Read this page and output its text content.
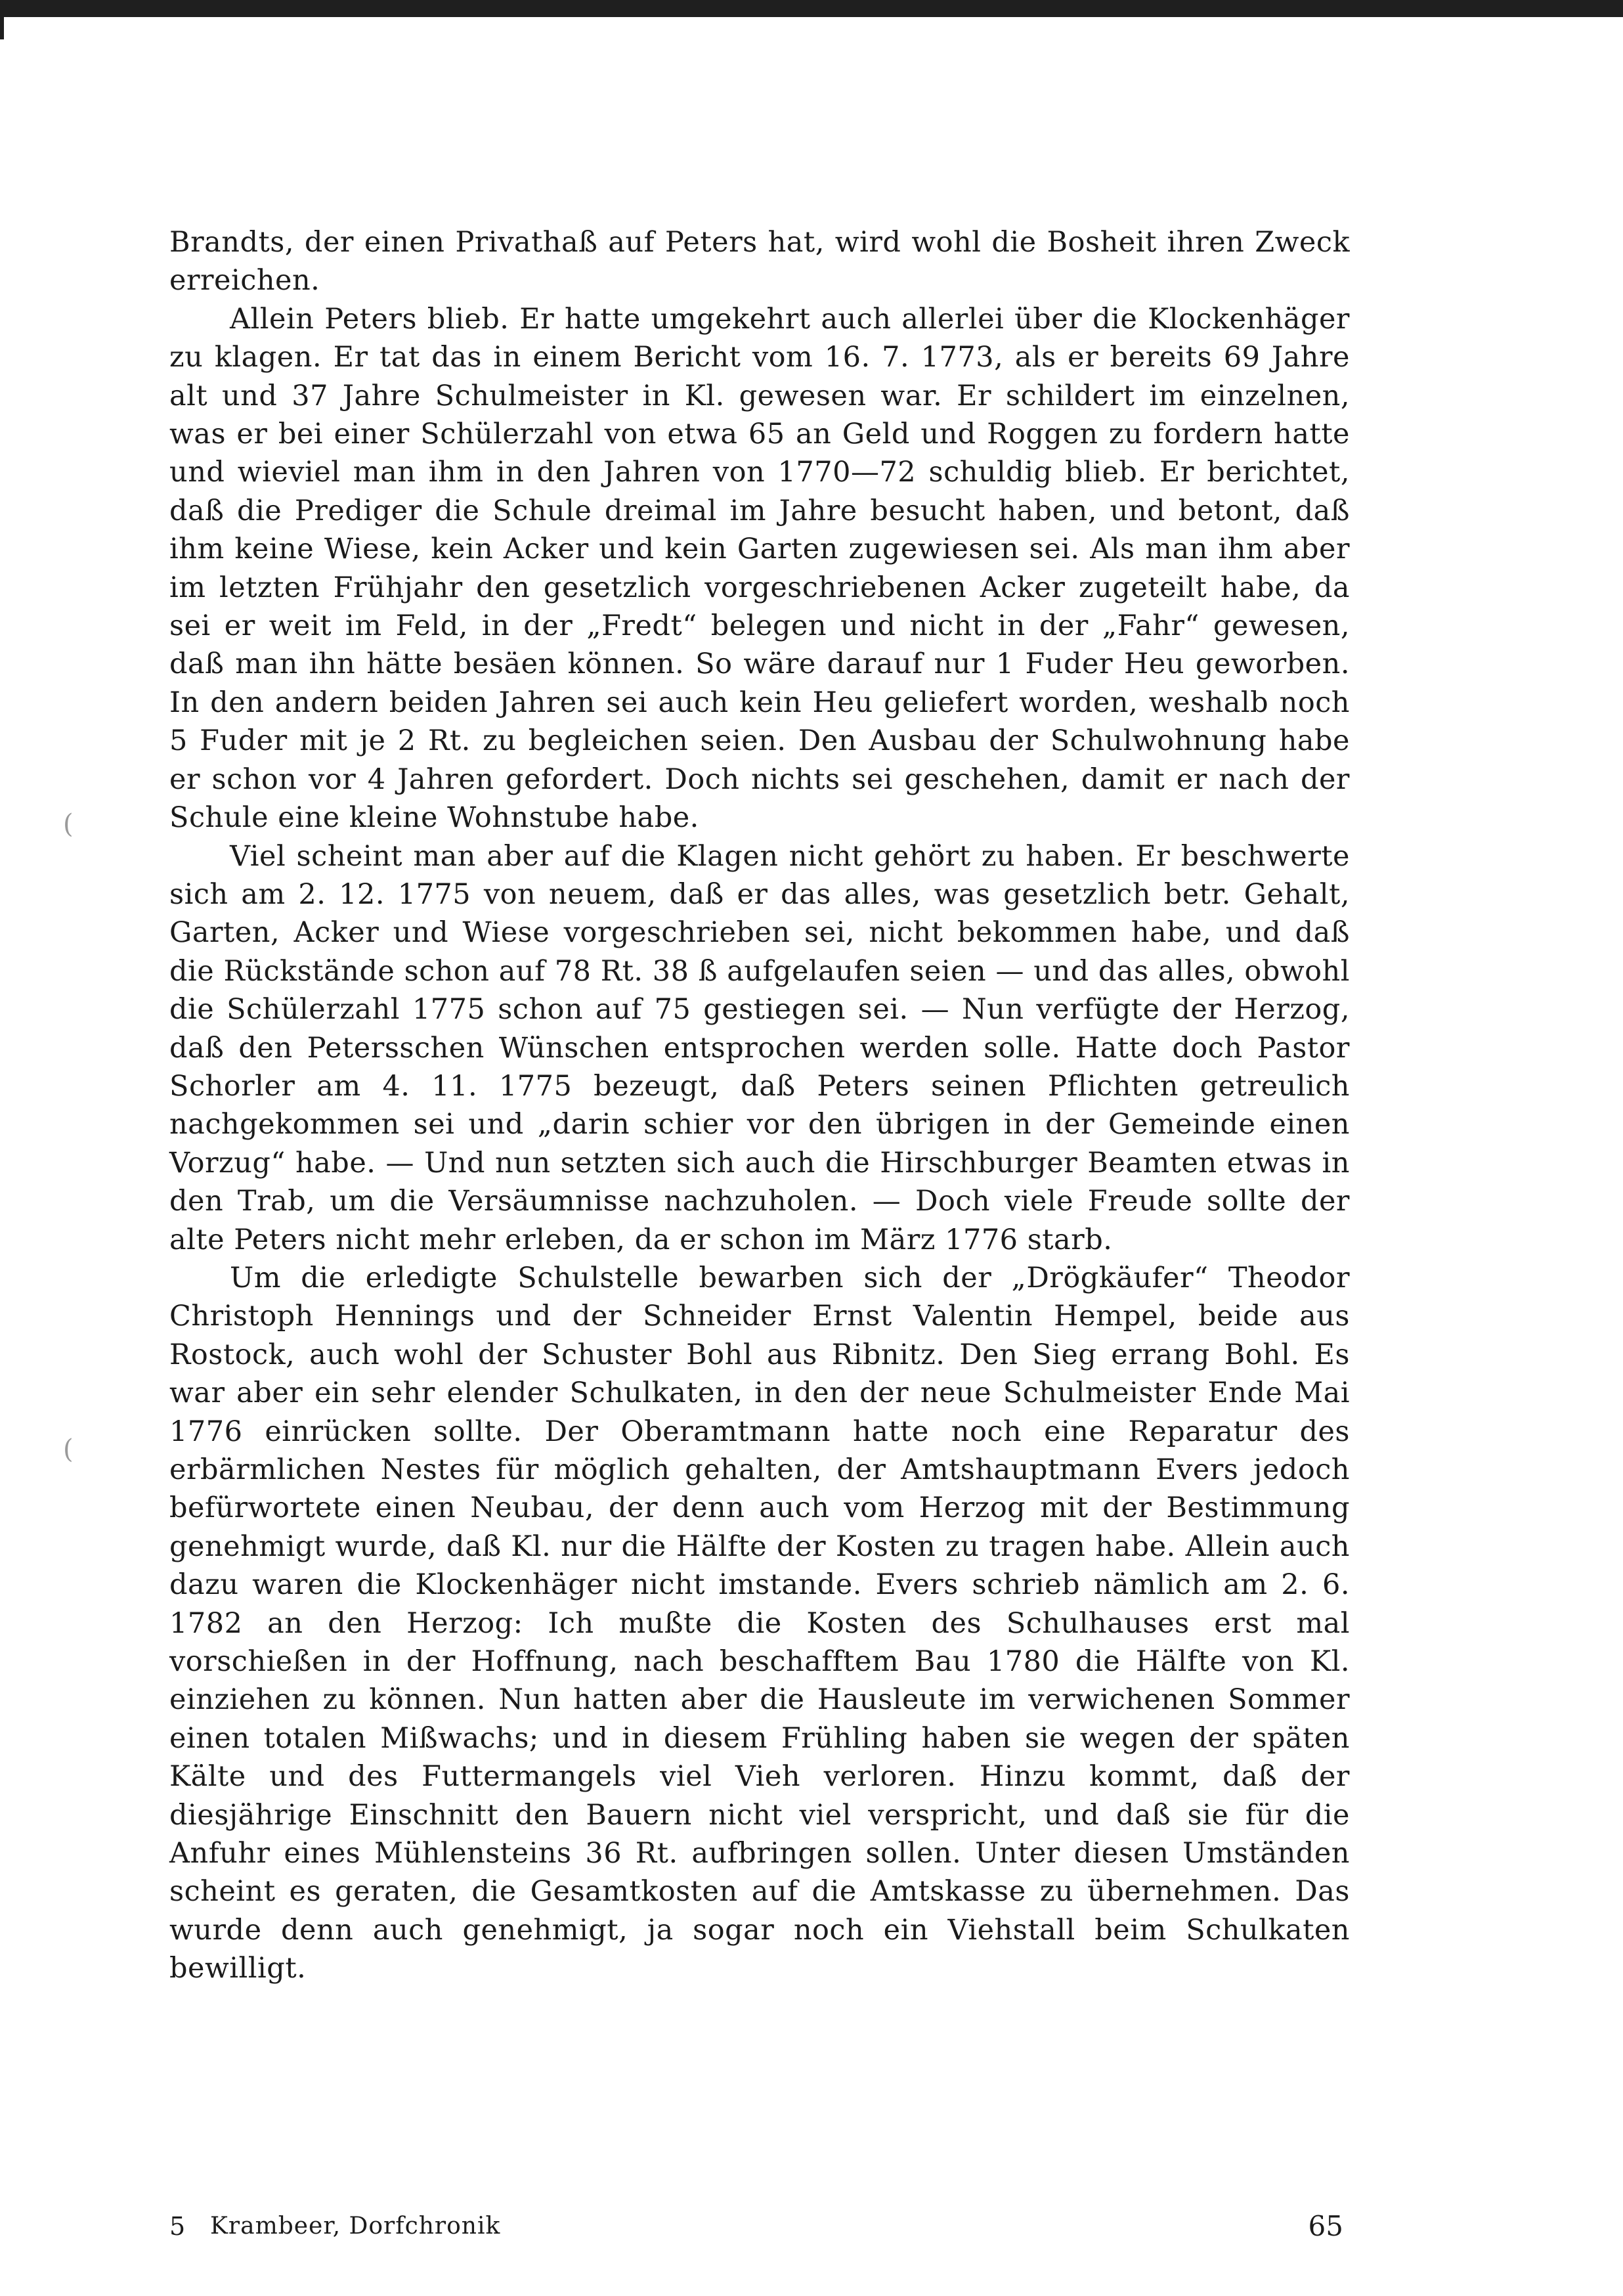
(
(

Brandts, der einen Privathaß auf Peters hat, wird wohl die Bosheit ihren Zweck erreichen.

Allein Peters blieb. Er hatte umgekehrt auch allerlei über die Klockenhäger zu klagen. Er tat das in einem Bericht vom 16. 7. 1773, als er bereits 69 Jahre alt und 37 Jahre Schulmeister in Kl. gewesen war. Er schildert im einzelnen, was er bei einer Schülerzahl von etwa 65 an Geld und Roggen zu fordern hatte und wieviel man ihm in den Jahren von 1770—72 schuldig blieb. Er berichtet, daß die Prediger die Schule dreimal im Jahre besucht haben, und betont, daß ihm keine Wiese, kein Acker und kein Garten zugewiesen sei. Als man ihm aber im letzten Frühjahr den gesetzlich vorgeschriebenen Acker zugeteilt habe, da sei er weit im Feld, in der „Fredt“ belegen und nicht in der „Fahr“ gewesen, daß man ihn hätte besäen können. So wäre darauf nur 1 Fuder Heu geworben. In den andern beiden Jahren sei auch kein Heu geliefert worden, weshalb noch 5 Fuder mit je 2 Rt. zu begleichen seien. Den Ausbau der Schulwohnung habe er schon vor 4 Jahren gefordert. Doch nichts sei geschehen, damit er nach der Schule eine kleine Wohnstube habe.

Viel scheint man aber auf die Klagen nicht gehört zu haben. Er beschwerte sich am 2. 12. 1775 von neuem, daß er das alles, was gesetzlich betr. Gehalt, Garten, Acker und Wiese vorgeschrieben sei, nicht bekommen habe, und daß die Rückstände schon auf 78 Rt. 38 ß aufgelaufen seien — und das alles, obwohl die Schülerzahl 1775 schon auf 75 gestiegen sei. — Nun verfügte der Herzog, daß den Petersschen Wünschen entsprochen werden solle. Hatte doch Pastor Schorler am 4. 11. 1775 bezeugt, daß Peters seinen Pflichten getreulich nachgekommen sei und „darin schier vor den übrigen in der Gemeinde einen Vorzug“ habe. — Und nun setzten sich auch die Hirschburger Beamten etwas in den Trab, um die Versäumnisse nachzuholen. — Doch viele Freude sollte der alte Peters nicht mehr erleben, da er schon im März 1776 starb.

Um die erledigte Schulstelle bewarben sich der „Drögkäufer“ Theodor Christoph Hennings und der Schneider Ernst Valentin Hempel, beide aus Rostock, auch wohl der Schuster Bohl aus Ribnitz. Den Sieg errang Bohl. Es war aber ein sehr elender Schulkaten, in den der neue Schulmeister Ende Mai 1776 einrücken sollte. Der Oberamtmann hatte noch eine Reparatur des erbärmlichen Nestes für möglich gehalten, der Amtshauptmann Evers jedoch befürwortete einen Neubau, der denn auch vom Herzog mit der Bestimmung genehmigt wurde, daß Kl. nur die Hälfte der Kosten zu tragen habe. Allein auch dazu waren die Klockenhäger nicht imstande. Evers schrieb nämlich am 2. 6. 1782 an den Herzog: Ich mußte die Kosten des Schulhauses erst mal vorschießen in der Hoffnung, nach beschafftem Bau 1780 die Hälfte von Kl. einziehen zu können. Nun hatten aber die Hausleute im verwichenen Sommer einen totalen Mißwachs; und in diesem Frühling haben sie wegen der späten Kälte und des Futtermangels viel Vieh verloren. Hinzu kommt, daß der diesjährige Einschnitt den Bauern nicht viel verspricht, und daß sie für die Anfuhr eines Mühlensteins 36 Rt. aufbringen sollen. Unter diesen Umständen scheint es geraten, die Gesamtkosten auf die Amtskasse zu übernehmen. Das wurde denn auch genehmigt, ja sogar noch ein Viehstall beim Schulkaten bewilligt.

5 Krambeer, Dorfchronik	65
